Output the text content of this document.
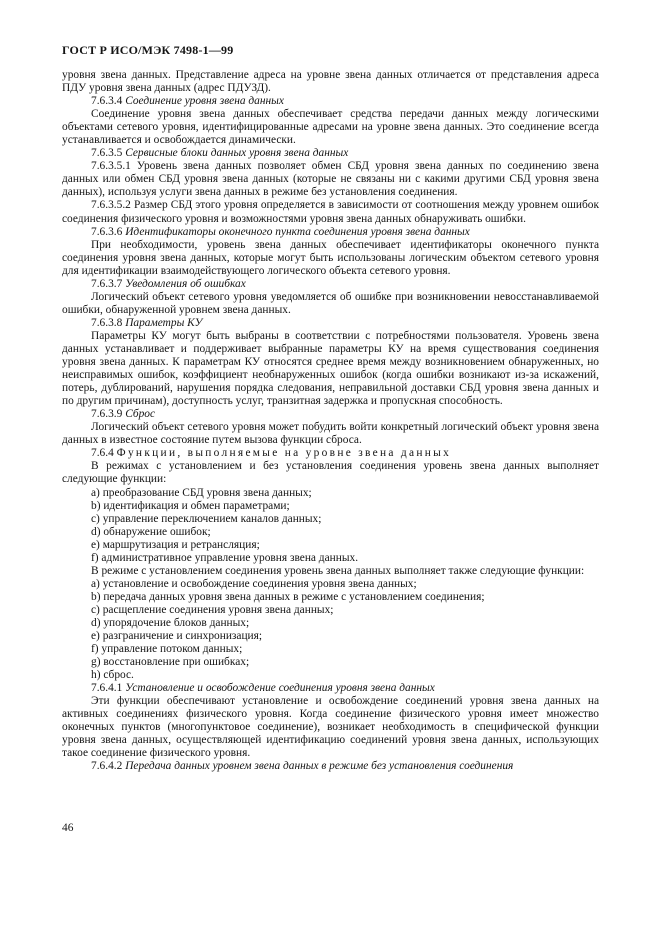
ГОСТ Р ИСО/МЭК 7498-1—99

уровня звена данных. Представление адреса на уровне звена данных отличается от представления адреса ПДУ уровня звена данных (адрес ПДУЗД).

7.6.3.4 Соединение уровня звена данных

Соединение уровня звена данных обеспечивает средства передачи данных между логическими объектами сетевого уровня, идентифицированные адресами на уровне звена данных. Это соединение всегда устанавливается и освобождается динамически.

7.6.3.5 Сервисные блоки данных уровня звена данных

7.6.3.5.1 Уровень звена данных позволяет обмен СБД уровня звена данных по соединению звена данных или обмен СБД уровня звена данных (которые не связаны ни с какими другими СБД уровня звена данных), используя услуги звена данных в режиме без установления соединения.

7.6.3.5.2 Размер СБД этого уровня определяется в зависимости от соотношения между уровнем ошибок соединения физического уровня и возможностями уровня звена данных обнаруживать ошибки.

7.6.3.6 Идентификаторы оконечного пункта соединения уровня звена данных

При необходимости, уровень звена данных обеспечивает идентификаторы оконечного пункта соединения уровня звена данных, которые могут быть использованы логическим объектом сетевого уровня для идентификации взаимодействующего логического объекта сетевого уровня.

7.6.3.7 Уведомления об ошибках

Логический объект сетевого уровня уведомляется об ошибке при возникновении невосстанавливаемой ошибки, обнаруженной уровнем звена данных.

7.6.3.8 Параметры КУ

Параметры КУ могут быть выбраны в соответствии с потребностями пользователя. Уровень звена данных устанавливает и поддерживает выбранные параметры КУ на время существования соединения уровня звена данных. К параметрам КУ относятся среднее время между возникновением обнаруженных, но неисправимых ошибок, коэффициент необнаруженных ошибок (когда ошибки возникают из-за искажений, потерь, дублирований, нарушения порядка следования, неправильной доставки СБД уровня звена данных и по другим причинам), доступность услуг, транзитная задержка и пропускная способность.

7.6.3.9 Сброс

Логический объект сетевого уровня может побудить войти конкретный логический объект уровня звена данных в известное состояние путем вызова функции сброса.

7.6.4 Функции, выполняемые на уровне звена данных

В режимах с установлением и без установления соединения уровень звена данных выполняет следующие функции:

a) преобразование СБД уровня звена данных;

b) идентификация и обмен параметрами;

c) управление переключением каналов данных;

d) обнаружение ошибок;

e) маршрутизация и ретрансляция;

f) административное управление уровня звена данных.

В режиме с установлением соединения уровень звена данных выполняет также следующие функции:

a) установление и освобождение соединения уровня звена данных;

b) передача данных уровня звена данных в режиме с установлением соединения;

c) расщепление соединения уровня звена данных;

d) упорядочение блоков данных;

e) разграничение и синхронизация;

f) управление потоком данных;

g) восстановление при ошибках;

h) сброс.

7.6.4.1 Установление и освобождение соединения уровня звена данных

Эти функции обеспечивают установление и освобождение соединений уровня звена данных на активных соединениях физического уровня. Когда соединение физического уровня имеет множество оконечных пунктов (многопунктовое соединение), возникает необходимость в специфической функции уровня звена данных, осуществляющей идентификацию соединений уровня звена данных, использующих такое соединение физического уровня.

7.6.4.2 Передача данных уровнем звена данных в режиме без установления соединения

46
